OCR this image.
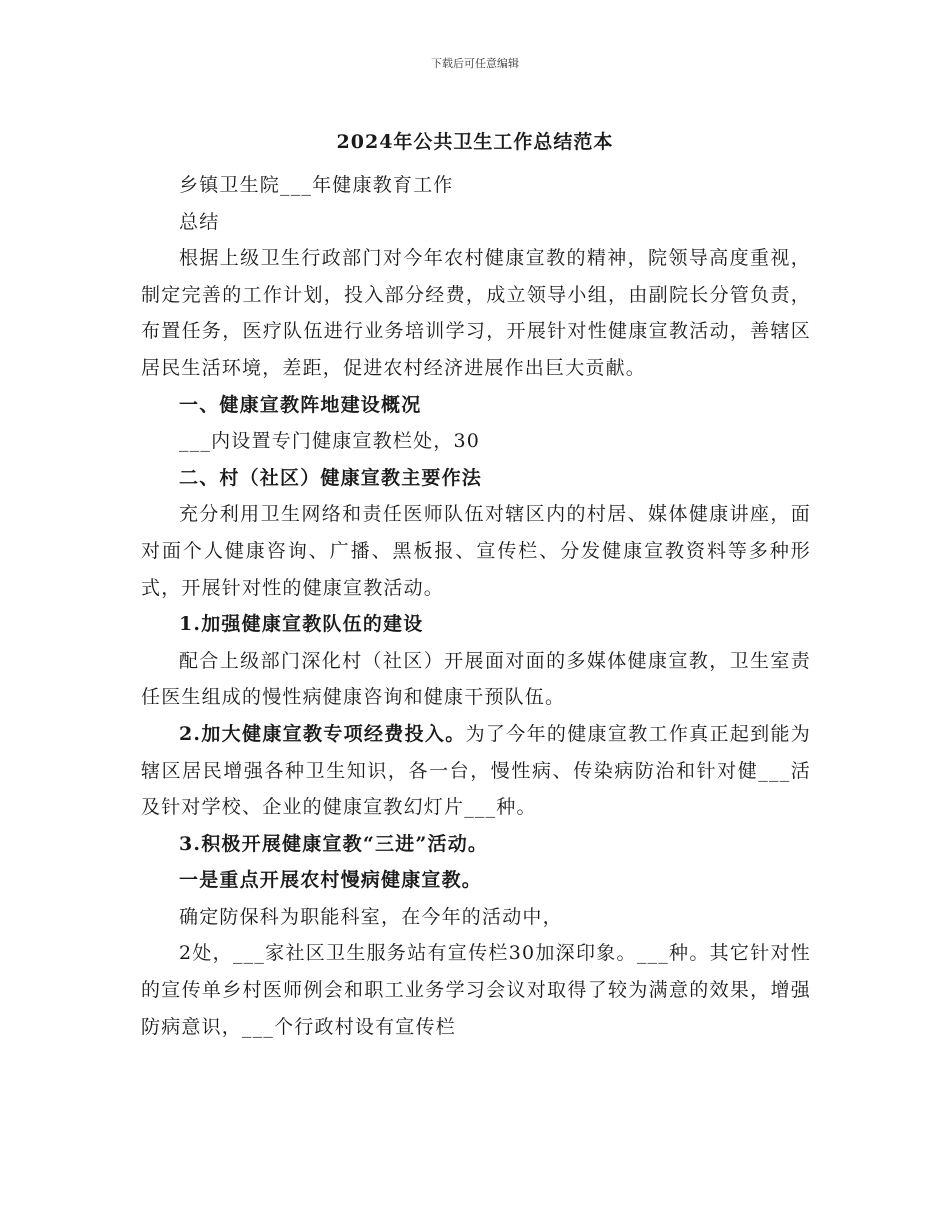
下载后可任意编辑
2024年公共卫生工作总结范本

乡镇卫生院___年健康教育工作

总结

根据上级卫生行政部门对今年农村健康宣教的精神，院领导高度重视，制定完善的工作计划，投入部分经费，成立领导小组，由副院长分管负责，布置任务，医疗队伍进行业务培训学习，开展针对性健康宣教活动，善辖区居民生活环境，差距，促进农村经济进展作出巨大贡献。

一、健康宣教阵地建设概况

___内设置专门健康宣教栏处，30

二、村（社区）健康宣教主要作法

充分利用卫生网络和责任医师队伍对辖区内的村居、媒体健康讲座，面对面个人健康咨询、广播、黑板报、宣传栏、分发健康宣教资料等多种形式，开展针对性的健康宣教活动。

1.加强健康宣教队伍的建设

配合上级部门深化村（社区）开展面对面的多媒体健康宣教，卫生室责任医生组成的慢性病健康咨询和健康干预队伍。

2.加大健康宣教专项经费投入。为了今年的健康宣教工作真正起到能为辖区居民增强各种卫生知识，各一台，慢性病、传染病防治和针对健___活及针对学校、企业的健康宣教幻灯片___种。

3.积极开展健康宣教“三进”活动。

一是重点开展农村慢病健康宣教。

确定防保科为职能科室，在今年的活动中，

2处，___家社区卫生服务站有宣传栏30加深印象。___种。其它针对性的宣传单乡村医师例会和职工业务学习会议对取得了较为满意的效果，增强防病意识，___个行政村设有宣传栏
